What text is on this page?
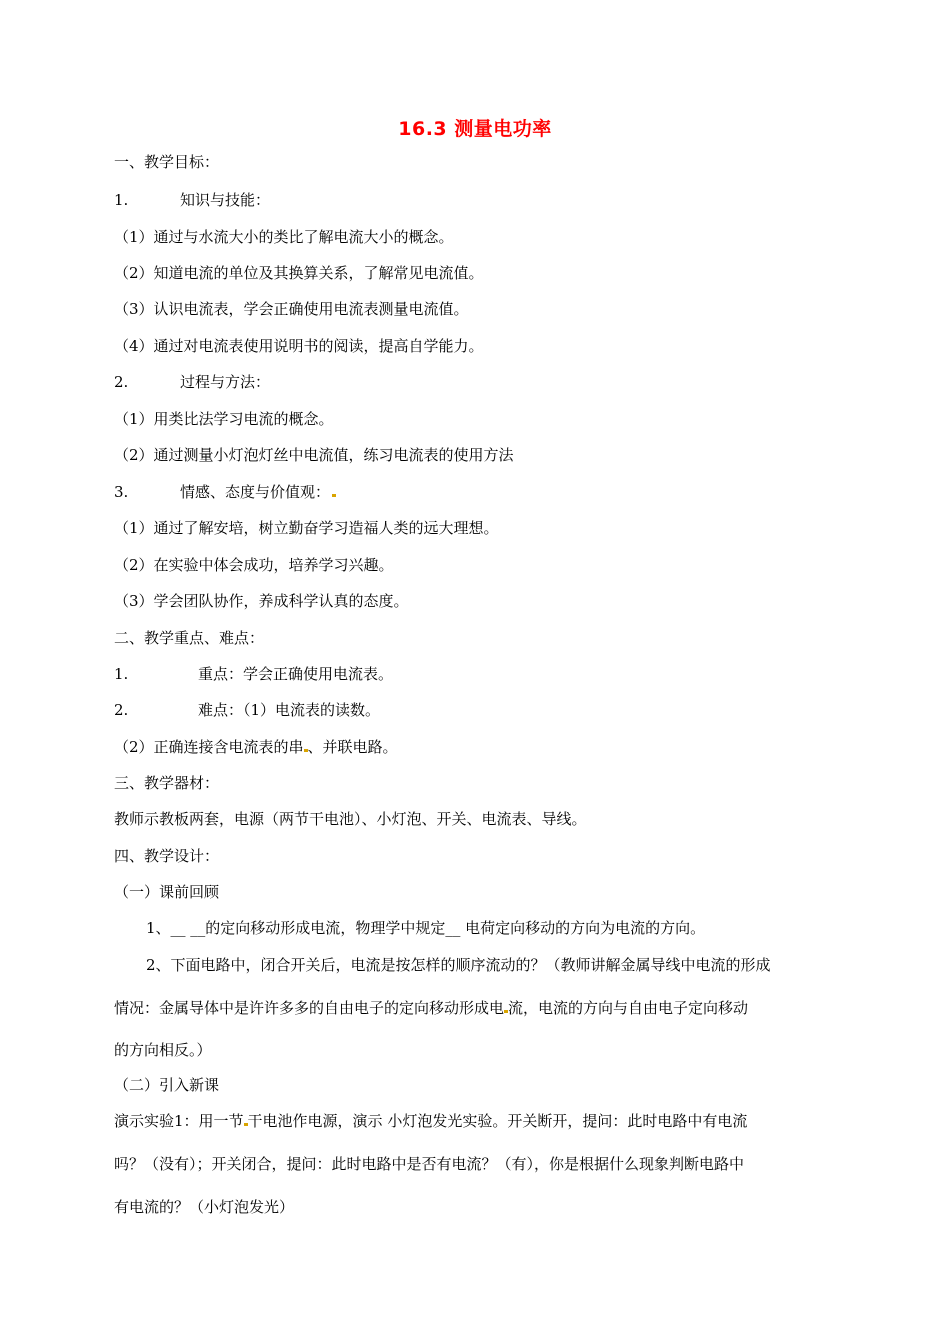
16.3 测量电功率
一、教学目标：
1.	知识与技能：
（1）通过与水流大小的类比了解电流大小的概念。
（2）知道电流的单位及其换算关系，了解常见电流值。
（3）认识电流表，学会正确使用电流表测量电流值。
（4）通过对电流表使用说明书的阅读，提高自学能力。
2.	过程与方法：
（1）用类比法学习电流的概念。
（2）通过测量小灯泡灯丝中电流值，练习电流表的使用方法
3.	情感、态度与价值观：
（1）通过了解安培，树立勤奋学习造福人类的远大理想。
（2）在实验中体会成功，培养学习兴趣。
（3）学会团队协作，养成科学认真的态度。
二、教学重点、难点：
1.	重点：学会正确使用电流表。
2.	难点：（1）电流表的读数。
（2）正确连接含电流表的串 、并联电路。
三、教学器材：
教师示教板两套，电源（两节干电池）、小灯泡、开关、电流表、导线。
四、教学设计：
（一）课前回顾
1、__ __的定向移动形成电流，物理学中规定__ 电荷定向移动的方向为电流的方向。
2、下面电路中，闭合开关后，电流是按怎样的顺序流动的？（教师讲解金属导线中电流的形成
情况：金属导体中是许许多多的自由电子的定向移动形成电 流，电流的方向与自由电子定向移动
的方向相反。）
（二）引入新课
演示实验1：用一节 干电池作电源，演示 小灯泡发光实验。开关断开，提问：此时电路中有电流
吗？（没有）；开关闭合，提问：此时电路中是否有电流？（有），你是根据什么现象判断电路中
有电流的？（小灯泡发光）
